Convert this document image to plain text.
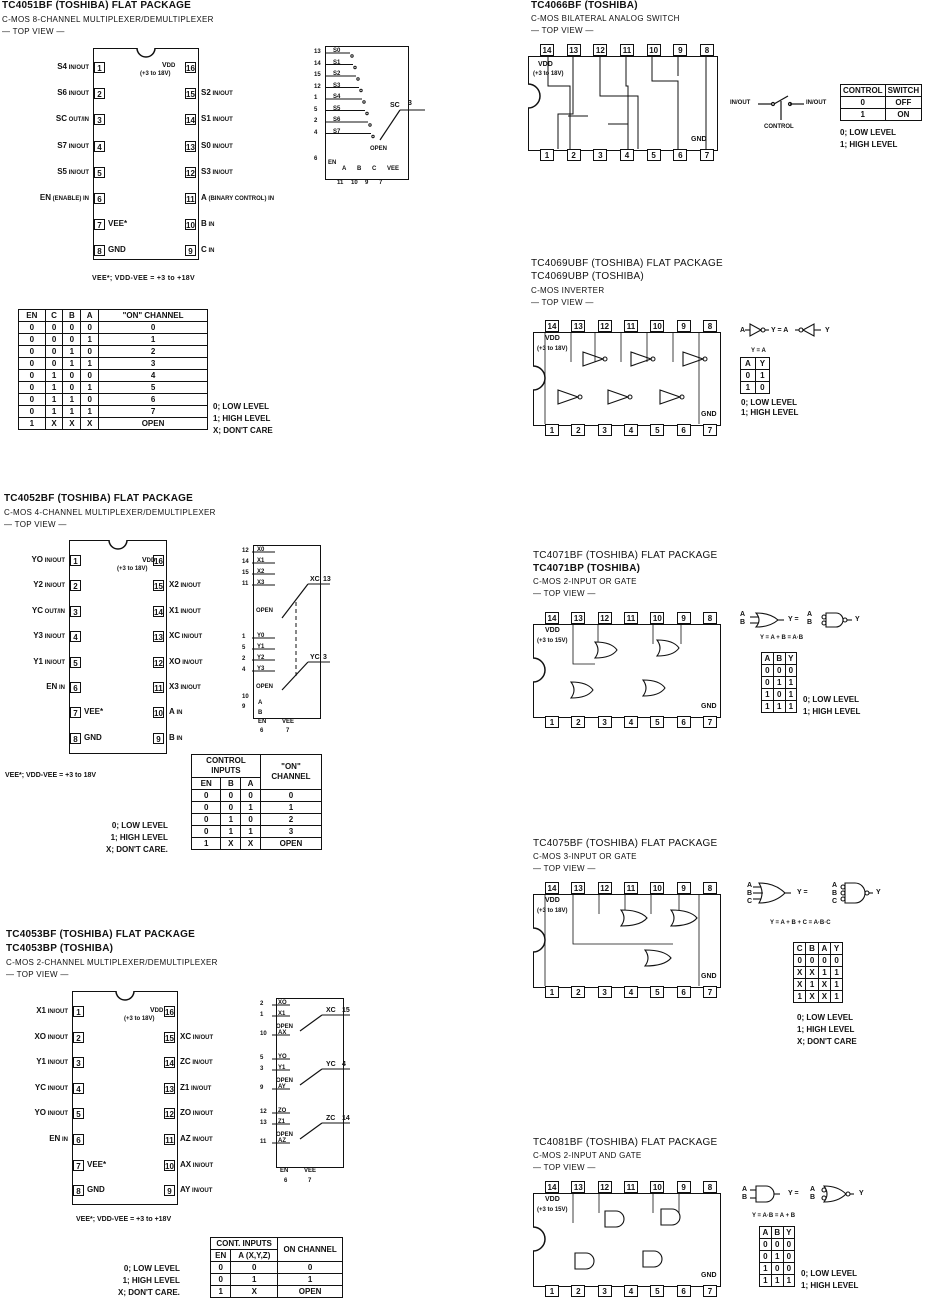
TC4051BF (TOSHIBA) FLAT PACKAGE
C-MOS 8-CHANNEL MULTIPLEXER/DEMULTIPLEXER
— TOP VIEW —
1
S4 IN/OUT
2
S6 IN/OUT
3
SC OUT/IN
4
S7 IN/OUT
5
S5 IN/OUT
6
EN (ENABLE) IN
7 VEE*
8 GND
16
15 S2 IN/OUT
14 S1 IN/OUT
13 S0 IN/OUT
12 S3 IN/OUT
11 A (BINARY CONTROL) IN
10 B IN
9	C IN
VDD
(+3 to 18V)
VEE*; VDD-VEE = +3 to +18V
13 S0
14 S1
15 S2
12 S3
1	S4
5	S5
2	S6
4	S7
SC 3
OPEN
6
EN
A B C VEE
11 10 9 7
EN	C	B	A	"ON" CHANNEL
0	0	0	0	0
0	0	0	1	1
0	0	1	0	2
0	0	1	1	3
0	1	0	0	4
0	1	0	1	5
0	1	1	0	6
0	1	1	1	7
1	X	X	X	OPEN
0; LOW LEVEL
1; HIGH LEVEL
X; DON'T CARE
TC4052BF (TOSHIBA) FLAT PACKAGE
C-MOS 4-CHANNEL MULTIPLEXER/DEMULTIPLEXER
— TOP VIEW —
1
YO IN/OUT
2
Y2 IN/OUT
3
YC OUT/IN
4
Y3 IN/OUT
5
Y1 IN/OUT
6
EN IN
7 VEE*
8 GND
16
15 X2 IN/OUT
14 X1 IN/OUT
13 XC IN/OUT
12 XO IN/OUT
11 X3 IN/OUT
10 A IN
9	B IN
VDD
(+3 to 18V)
VEE*; VDD-VEE = +3 to 18V
12 X0
14 X1
15 X2
11 X3
1 Y0
5 Y1
2 Y2
4 Y3
XC 13
YC 3
OPEN
OPEN
10
A
9
B
EN	VEE
6	7
CONTROL INPUTS			"ON" CHANNEL
EN	B	A	
0	0	0	0
0	0	1	1
0	1	0	2
0	1	1	3
1	X	X	OPEN
0; LOW LEVEL
1; HIGH LEVEL
X; DON'T CARE.
TC4053BF (TOSHIBA) FLAT PACKAGE
TC4053BP (TOSHIBA)
C-MOS 2-CHANNEL MULTIPLEXER/DEMULTIPLEXER
— TOP VIEW —
1
X1 IN/OUT
2
XO IN/OUT
3
Y1 IN/OUT
4
YC IN/OUT
5
YO IN/OUT
6
EN IN
7 VEE*
8 GND
16
15 XC IN/OUT
14 ZC IN/OUT
13 Z1 IN/OUT
12 ZO IN/OUT
11 AZ IN/OUT
10 AX IN/OUT
9	AY IN/OUT
VDD
(+3 to 18V)
VEE*; VDD-VEE = +3 to +18V
2 XO
1 X1
10 AX
OPEN
XC 15
5 YO
3 Y1
9 AY
OPEN
YC 4
12 ZO
13 Z1
11 AZ
OPEN
ZC 14
EN	VEE
6	7
CONT. INPUTS		ON CHANNEL
EN	A (X,Y,Z)	
0	0	0
0	1	1
1	X	OPEN
0; LOW LEVEL
1; HIGH LEVEL
X; DON'T CARE.
TC4066BF (TOSHIBA)
C-MOS BILATERAL ANALOG SWITCH
— TOP VIEW —
14	13	12	11	10	9	8
1	2	3	4	5	6	7
VDD
(+3 to 18V)
GND
IN/OUT	IN/OUT
CONTROL
CONTROL	SWITCH
0	OFF
1	ON
0; LOW LEVEL
1; HIGH LEVEL
TC4069UBF (TOSHIBA) FLAT PACKAGE
TC4069UBP (TOSHIBA)
C-MOS INVERTER
— TOP VIEW —
14	13	12	11	10	9	8
1	2	3	4	5	6	7
VDD
(+3 to 18V)
GND
A	Y = A	Y
Y = A
A	Y
0	1
1	0
0; LOW LEVEL
1; HIGH LEVEL
TC4071BF (TOSHIBA) FLAT PACKAGE
TC4071BP (TOSHIBA)
C-MOS 2-INPUT OR GATE
— TOP VIEW —
14	13	12	11	10	9	8
1	2	3	4	5	6	7
VDD
(+3 to 15V)
GND
A
B	Y =
A
B	Y
Y = A + B = A·B
A	B	Y
0	0	0
0	1	1
1	0	1
1	1	1
0; LOW LEVEL
1; HIGH LEVEL
TC4075BF (TOSHIBA) FLAT PACKAGE
C-MOS 3-INPUT OR GATE
— TOP VIEW —
14	13	12	11	10	9	8
1	2	3	4	5	6	7
VDD
(+3 to 18V)
GND
A
B
C
Y =
A
B
C
Y
Y = A + B + C = A·B·C
C	B	A	Y
0	0	0	0
X	X	1	1
X	1	X	1
1	X	X	1
0; LOW LEVEL
1; HIGH LEVEL
X; DON'T CARE
TC4081BF (TOSHIBA) FLAT PACKAGE
C-MOS 2-INPUT AND GATE
— TOP VIEW —
14	13	12	11	10	9	8
1	2	3	4	5	6	7
VDD
(+3 to 15V)
GND
A
B
Y =
A
B
Y
Y = A·B = A + B
A	B	Y
0	0	0
0	1	0
1	0	0
1	1	1
0; LOW LEVEL
1; HIGH LEVEL
